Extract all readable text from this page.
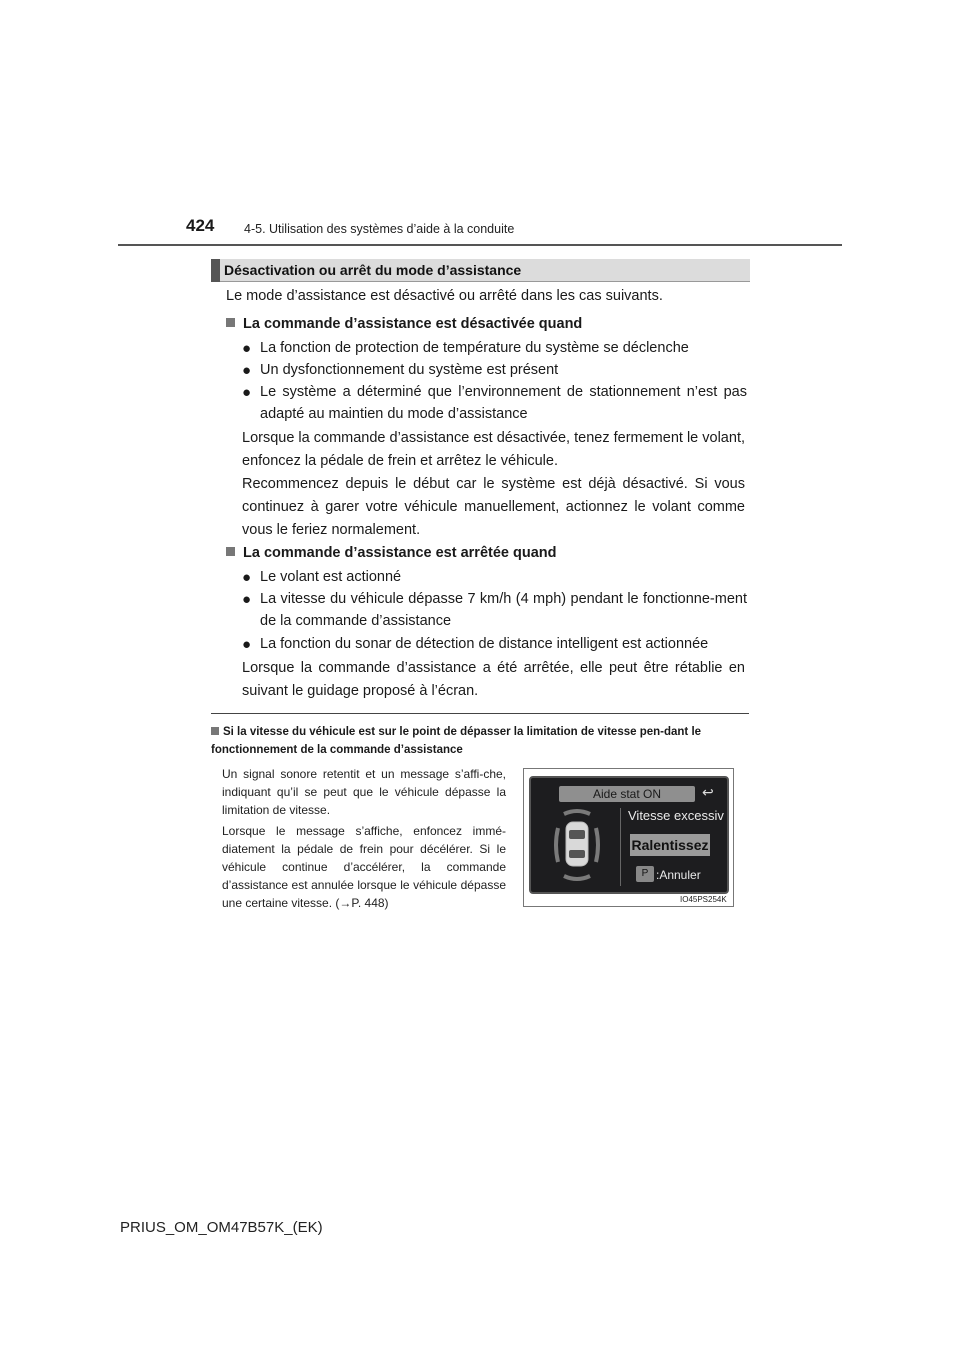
424 4-5. Utilisation des systèmes d’aide à la conduite
Désactivation ou arrêt du mode d’assistance
Le mode d’assistance est désactivé ou arrêté dans les cas suivants.
La commande d’assistance est désactivée quand
● La fonction de protection de température du système se déclenche
● Un dysfonctionnement du système est présent
● Le système a déterminé que l’environnement de stationnement n’est pas adapté au maintien du mode d’assistance
Lorsque la commande d’assistance est désactivée, tenez fermement le volant, enfoncez la pédale de frein et arrêtez le véhicule.
Recommencez depuis le début car le système est déjà désactivé. Si vous continuez à garer votre véhicule manuellement, actionnez le volant comme vous le feriez normalement.
La commande d’assistance est arrêtée quand
● Le volant est actionné
● La vitesse du véhicule dépasse 7 km/h (4 mph) pendant le fonctionne-ment de la commande d’assistance
● La fonction du sonar de détection de distance intelligent est actionnée
Lorsque la commande d’assistance a été arrêtée, elle peut être rétablie en suivant le guidage proposé à l’écran.
Si la vitesse du véhicule est sur le point de dépasser la limitation de vitesse pen-dant le fonctionnement de la commande d’assistance
Un signal sonore retentit et un message s’affi-che, indiquant qu’il se peut que le véhicule dépasse la limitation de vitesse.
Lorsque le message s’affiche, enfoncez immé-diatement la pédale de frein pour décélérer. Si le véhicule continue d’accélérer, la commande d’assistance est annulée lorsque le véhicule dépasse une certaine vitesse. (→P. 448)
Aide stat ON	↩
Vitesse excessiv
Ralentissez
P :Annuler
IO45PS254K
PRIUS_OM_OM47B57K_(EK)
